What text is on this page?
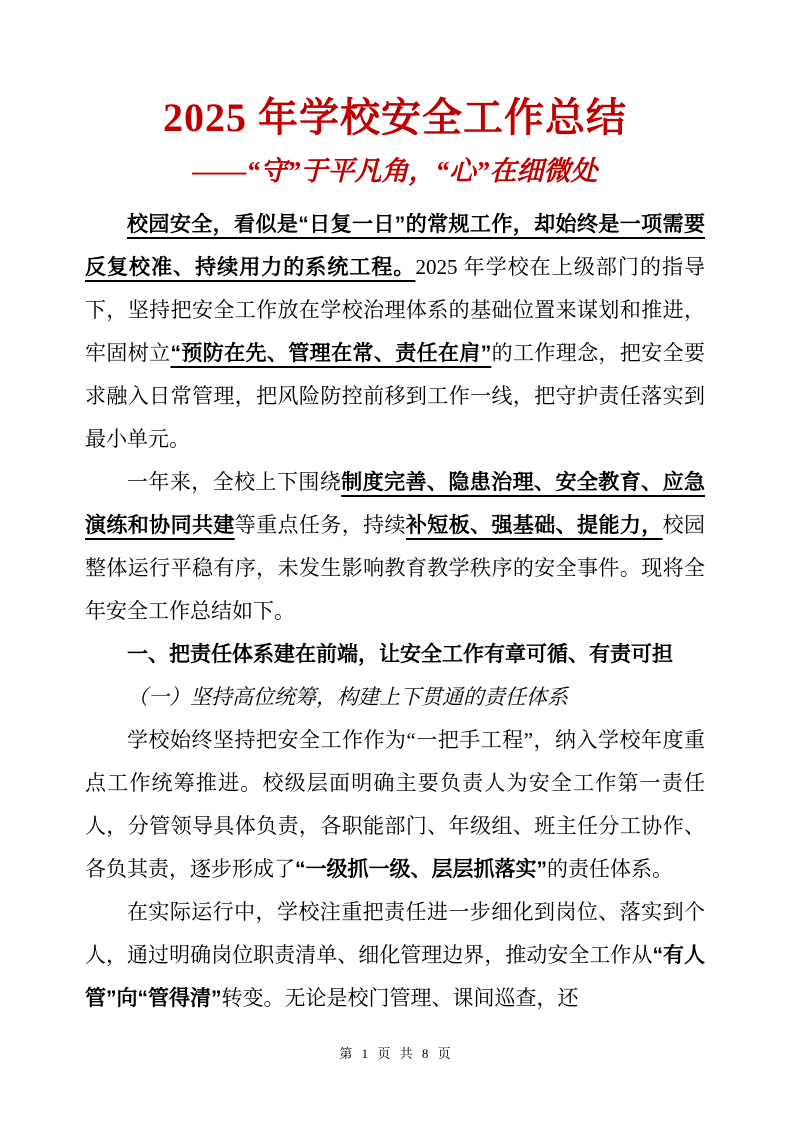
2025 年学校安全工作总结
——“守”于平凡角，“心”在细微处

校园安全，看似是“日复一日”的常规工作，却始终是一项需要反复校准、持续用力的系统工程。2025 年学校在上级部门的指导下，坚持把安全工作放在学校治理体系的基础位置来谋划和推进，牢固树立“预防在先、管理在常、责任在肩”的工作理念，把安全要求融入日常管理，把风险防控前移到工作一线，把守护责任落实到最小单元。

一年来，全校上下围绕制度完善、隐患治理、安全教育、应急演练和协同共建等重点任务，持续补短板、强基础、提能力，校园整体运行平稳有序，未发生影响教育教学秩序的安全事件。现将全年安全工作总结如下。

一、把责任体系建在前端，让安全工作有章可循、有责可担

（一）坚持高位统筹，构建上下贯通的责任体系

学校始终坚持把安全工作作为“一把手工程”，纳入学校年度重点工作统筹推进。校级层面明确主要负责人为安全工作第一责任人，分管领导具体负责，各职能部门、年级组、班主任分工协作、各负其责，逐步形成了“一级抓一级、层层抓落实”的责任体系。

在实际运行中，学校注重把责任进一步细化到岗位、落实到个人，通过明确岗位职责清单、细化管理边界，推动安全工作从“有人管”向“管得清”转变。无论是校门管理、课间巡查，还

第 1 页 共 8 页
